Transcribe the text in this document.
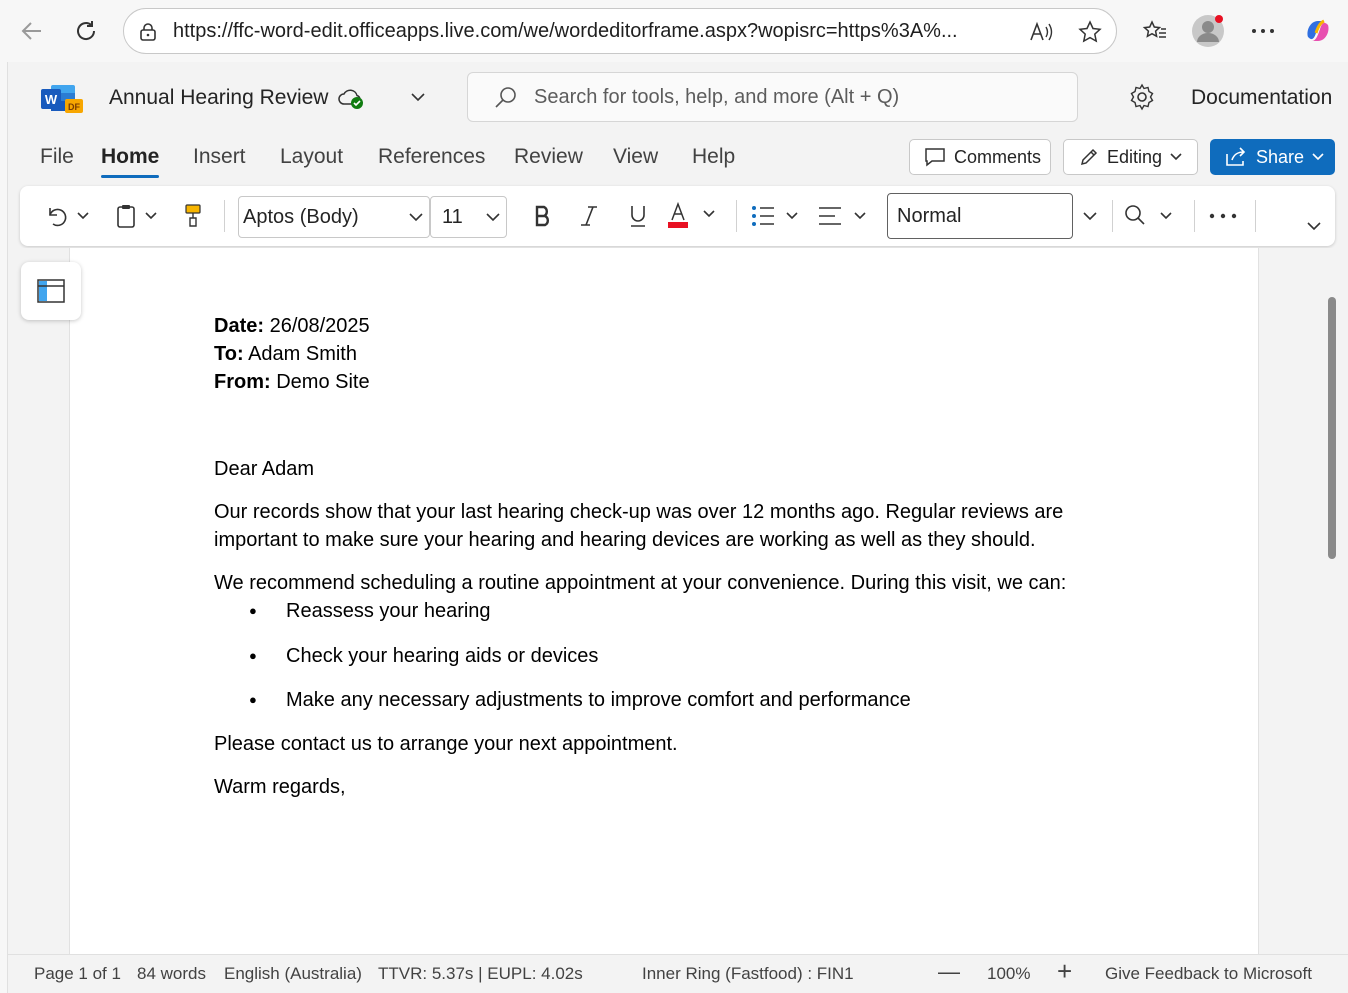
https://ffc-word-edit.officeapps.live.com/we/wordeditorframe.aspx?wopisrc=https%3A%...
W DF Annual Hearing Review	Search for tools, help, and more (Alt + Q)	Documentation
File Home Insert Layout References Review View Help	Comments	Editing	Share
Aptos (Body)	11	Normal

Date: 26/08/2025

To: Adam Smith

From: Demo Site

Dear Adam

Our records show that your last hearing check-up was over 12 months ago. Regular reviews are important to make sure your hearing and hearing devices are working as well as they should.

We recommend scheduling a routine appointment at your convenience. During this visit, we can:

● Reassess your hearing

● Check your hearing aids or devices

● Make any necessary adjustments to improve comfort and performance

Please contact us to arrange your next appointment.

Warm regards,

Page 1 of 1 84 words English (Australia) TTVR: 5.37s | EUPL: 4.02s	Inner Ring (Fastfood) : FIN1	— 100% + Give Feedback to Microsoft
